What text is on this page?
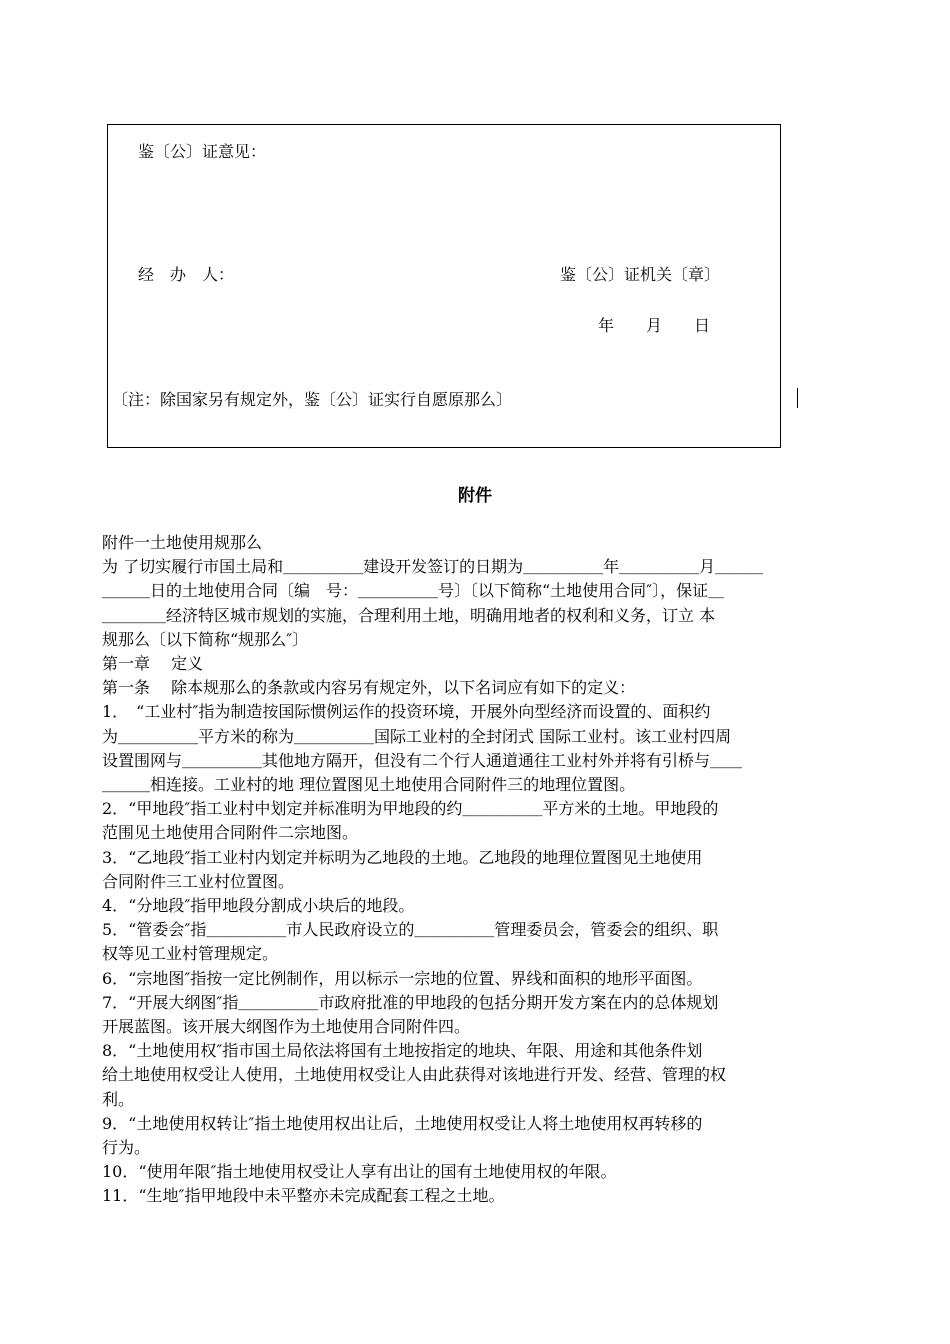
鉴〔公〕证意见：
经　办　人：	鉴〔公〕证机关〔章〕
年　　月　　日
〔注：除国家另有规定外，鉴〔公〕证实行自愿原那么〕
附件
附件一土地使用规那么
为 了切实履行市国土局和＿＿＿＿＿建设开发签订的日期为＿＿＿＿＿年＿＿＿＿＿月＿＿＿
＿＿＿日的土地使用合同〔编　号：＿＿＿＿＿号〕〔以下简称“土地使用合同″〕，保证＿
＿＿＿＿经济特区城市规划的实施，合理利用土地，明确用地者的权利和义务，订立 本
规那么〔以下简称“规那么″〕
第一章　 定义
第一条　 除本规那么的条款或内容另有规定外，以下名词应有如下的定义：
1．　“工业村″指为制造按国际惯例运作的投资环境，开展外向型经济而设置的、面积约
为＿＿＿＿＿平方米的称为＿＿＿＿＿国际工业村的全封闭式 国际工业村。该工业村四周
设置围网与＿＿＿＿＿其他地方隔开，但没有二个行人通道通往工业村外并将有引桥与＿＿
＿＿＿相连接。工业村的地 理位置图见土地使用合同附件三的地理位置图。
2．“甲地段″指工业村中划定并标准明为甲地段的约＿＿＿＿＿平方米的土地。甲地段的
范围见土地使用合同附件二宗地图。
3．“乙地段″指工业村内划定并标明为乙地段的土地。乙地段的地理位置图见土地使用
合同附件三工业村位置图。
4．“分地段″指甲地段分割成小块后的地段。
5．“管委会″指＿＿＿＿＿市人民政府设立的＿＿＿＿＿管理委员会，管委会的组织、职
权等见工业村管理规定。
6．“宗地图″指按一定比例制作，用以标示一宗地的位置、界线和面积的地形平面图。
7．“开展大纲图″指＿＿＿＿＿市政府批准的甲地段的包括分期开发方案在内的总体规划
开展蓝图。该开展大纲图作为土地使用合同附件四。
8．“土地使用权″指市国土局依法将国有土地按指定的地块、年限、用途和其他条件划
给土地使用权受让人使用，土地使用权受让人由此获得对该地进行开发、经营、管理的权
利。
9．“土地使用权转让″指土地使用权出让后，土地使用权受让人将土地使用权再转移的
行为。
10．“使用年限″指土地使用权受让人享有出让的国有土地使用权的年限。
11．“生地″指甲地段中未平整亦未完成配套工程之土地。
